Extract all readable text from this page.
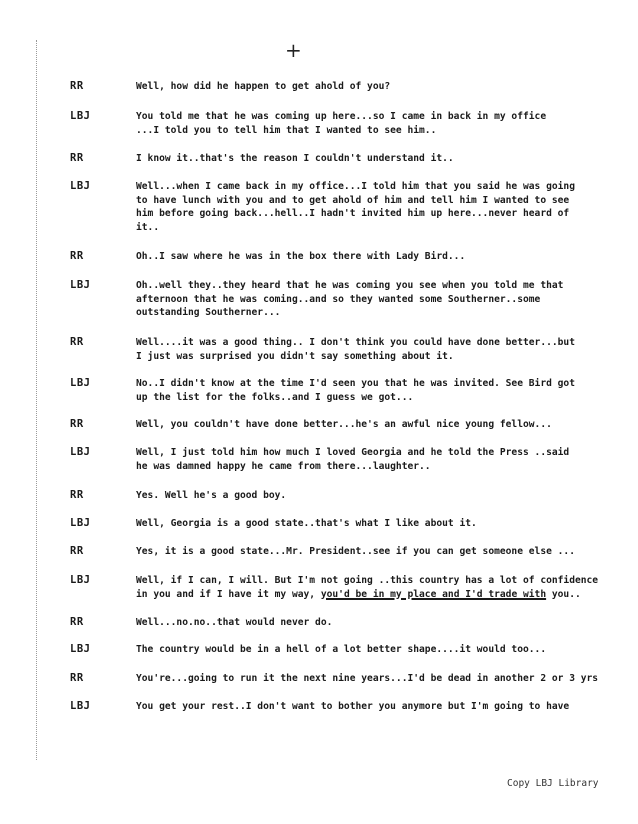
+
RR	Well, how did he happen to get ahold of you?
LBJ	You told me that he was coming up here...so I came in back in my office
...I told you to tell him that I wanted to see him..
RR	I know it..that's the reason I couldn't understand it..
LBJ	Well...when I came back in my office...I told him that you said he was going
to have lunch with you and to get ahold of him and tell him I wanted to see
him before going back...hell..I hadn't invited him up here...never heard of
it..
RR	Oh..I saw where he was in the box there with Lady Bird...
LBJ	Oh..well they..they heard that he was coming you see when you told me that
afternoon that he was coming..and so they wanted some Southerner..some
outstanding Southerner...
RR	Well....it was a good thing.. I don't think you could have done better...but
I just was surprised you didn't say something about it.
LBJ	No..I didn't know at the time I'd seen you that he was invited. See Bird got
up the list for the folks..and I guess we got...
RR	Well, you couldn't have done better...he's an awful nice young fellow...
LBJ	Well, I just told him how much I loved Georgia and he told the Press ..said
he was damned happy he came from there...laughter..
RR	Yes. Well he's a good boy.
LBJ	Well, Georgia is a good state..that's what I like about it.
RR	Yes, it is a good state...Mr. President..see if you can get someone else ...
LBJ	Well, if I can, I will. But I'm not going ..this country has a lot of confidence
in you and if I have it my way, you'd be in my place and I'd trade with you..
RR	Well...no.no..that would never do.
LBJ	The country would be in a hell of a lot better shape....it would too...
RR	You're...going to run it the next nine years...I'd be dead in another 2 or 3 yrs
LBJ	You get your rest..I don't want to bother you anymore but I'm going to have
Copy LBJ Library
